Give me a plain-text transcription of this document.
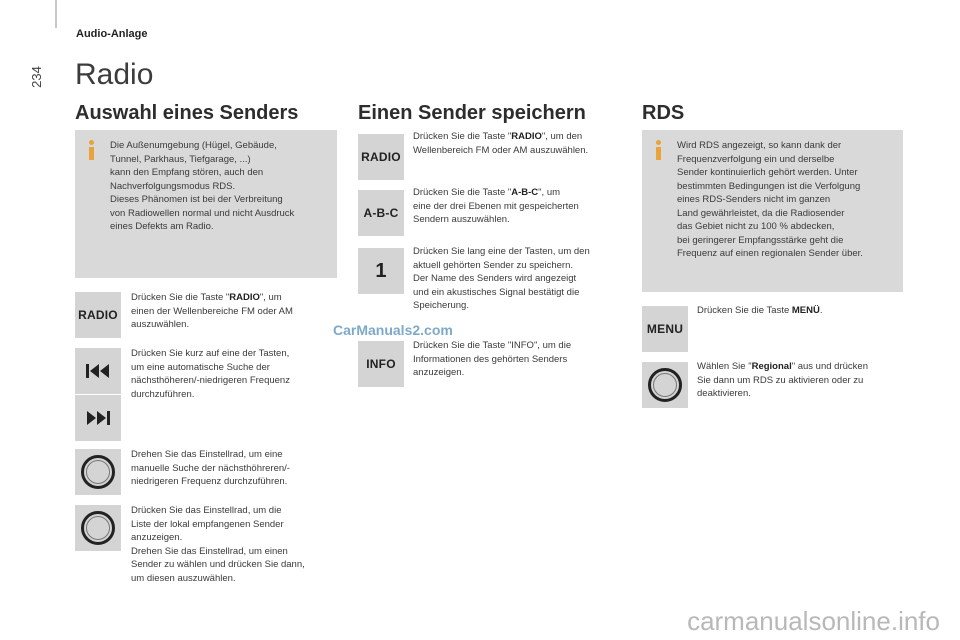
234
Audio-Anlage
Radio
Auswahl eines Senders
Die Außenumgebung (Hügel, Gebäude,
Tunnel, Parkhaus, Tiefgarage, ...)
kann den Empfang stören, auch den
Nachverfolgungsmodus RDS.
Dieses Phänomen ist bei der Verbreitung
von Radiowellen normal und nicht Ausdruck
eines Defekts am Radio.
RADIO
Drücken Sie die Taste "RADIO", um
einen der Wellenbereiche FM oder AM
auszuwählen.
Drücken Sie kurz auf eine der Tasten,
um eine automatische Suche der
nächsthöheren/-niedrigeren Frequenz
durchzuführen.
Drehen Sie das Einstellrad, um eine
manuelle Suche der nächsthöhreren/-
niedrigeren Frequenz durchzuführen.
Drücken Sie das Einstellrad, um die
Liste der lokal empfangenen Sender
anzuzeigen.
Drehen Sie das Einstellrad, um einen
Sender zu wählen und drücken Sie dann,
um diesen auszuwählen.
Einen Sender speichern
RADIO
Drücken Sie die Taste "RADIO", um den
Wellenbereich FM oder AM auszuwählen.
A-B-C
Drücken Sie die Taste "A-B-C", um
eine der drei Ebenen mit gespeicherten
Sendern auszuwählen.
1
Drücken Sie lang eine der Tasten, um den
aktuell gehörten Sender zu speichern.
Der Name des Senders wird angezeigt
und ein akustisches Signal bestätigt die
Speicherung.
INFO
Drücken Sie die Taste "INFO", um die
Informationen des gehörten Senders
anzuzeigen.
RDS
Wird RDS angezeigt, so kann dank der
Frequenzverfolgung ein und derselbe
Sender kontinuierlich gehört werden. Unter
bestimmten Bedingungen ist die Verfolgung
eines RDS-Senders nicht im ganzen
Land gewährleistet, da die Radiosender
das Gebiet nicht zu 100 % abdecken,
bei geringerer Empfangsstärke geht die
Frequenz auf einen regionalen Sender über.
MENU
Drücken Sie die Taste MENÜ.
Wählen Sie "Regional" aus und drücken
Sie dann um RDS zu aktivieren oder zu
deaktivieren.
CarManuals2.com
carmanualsonline.info
